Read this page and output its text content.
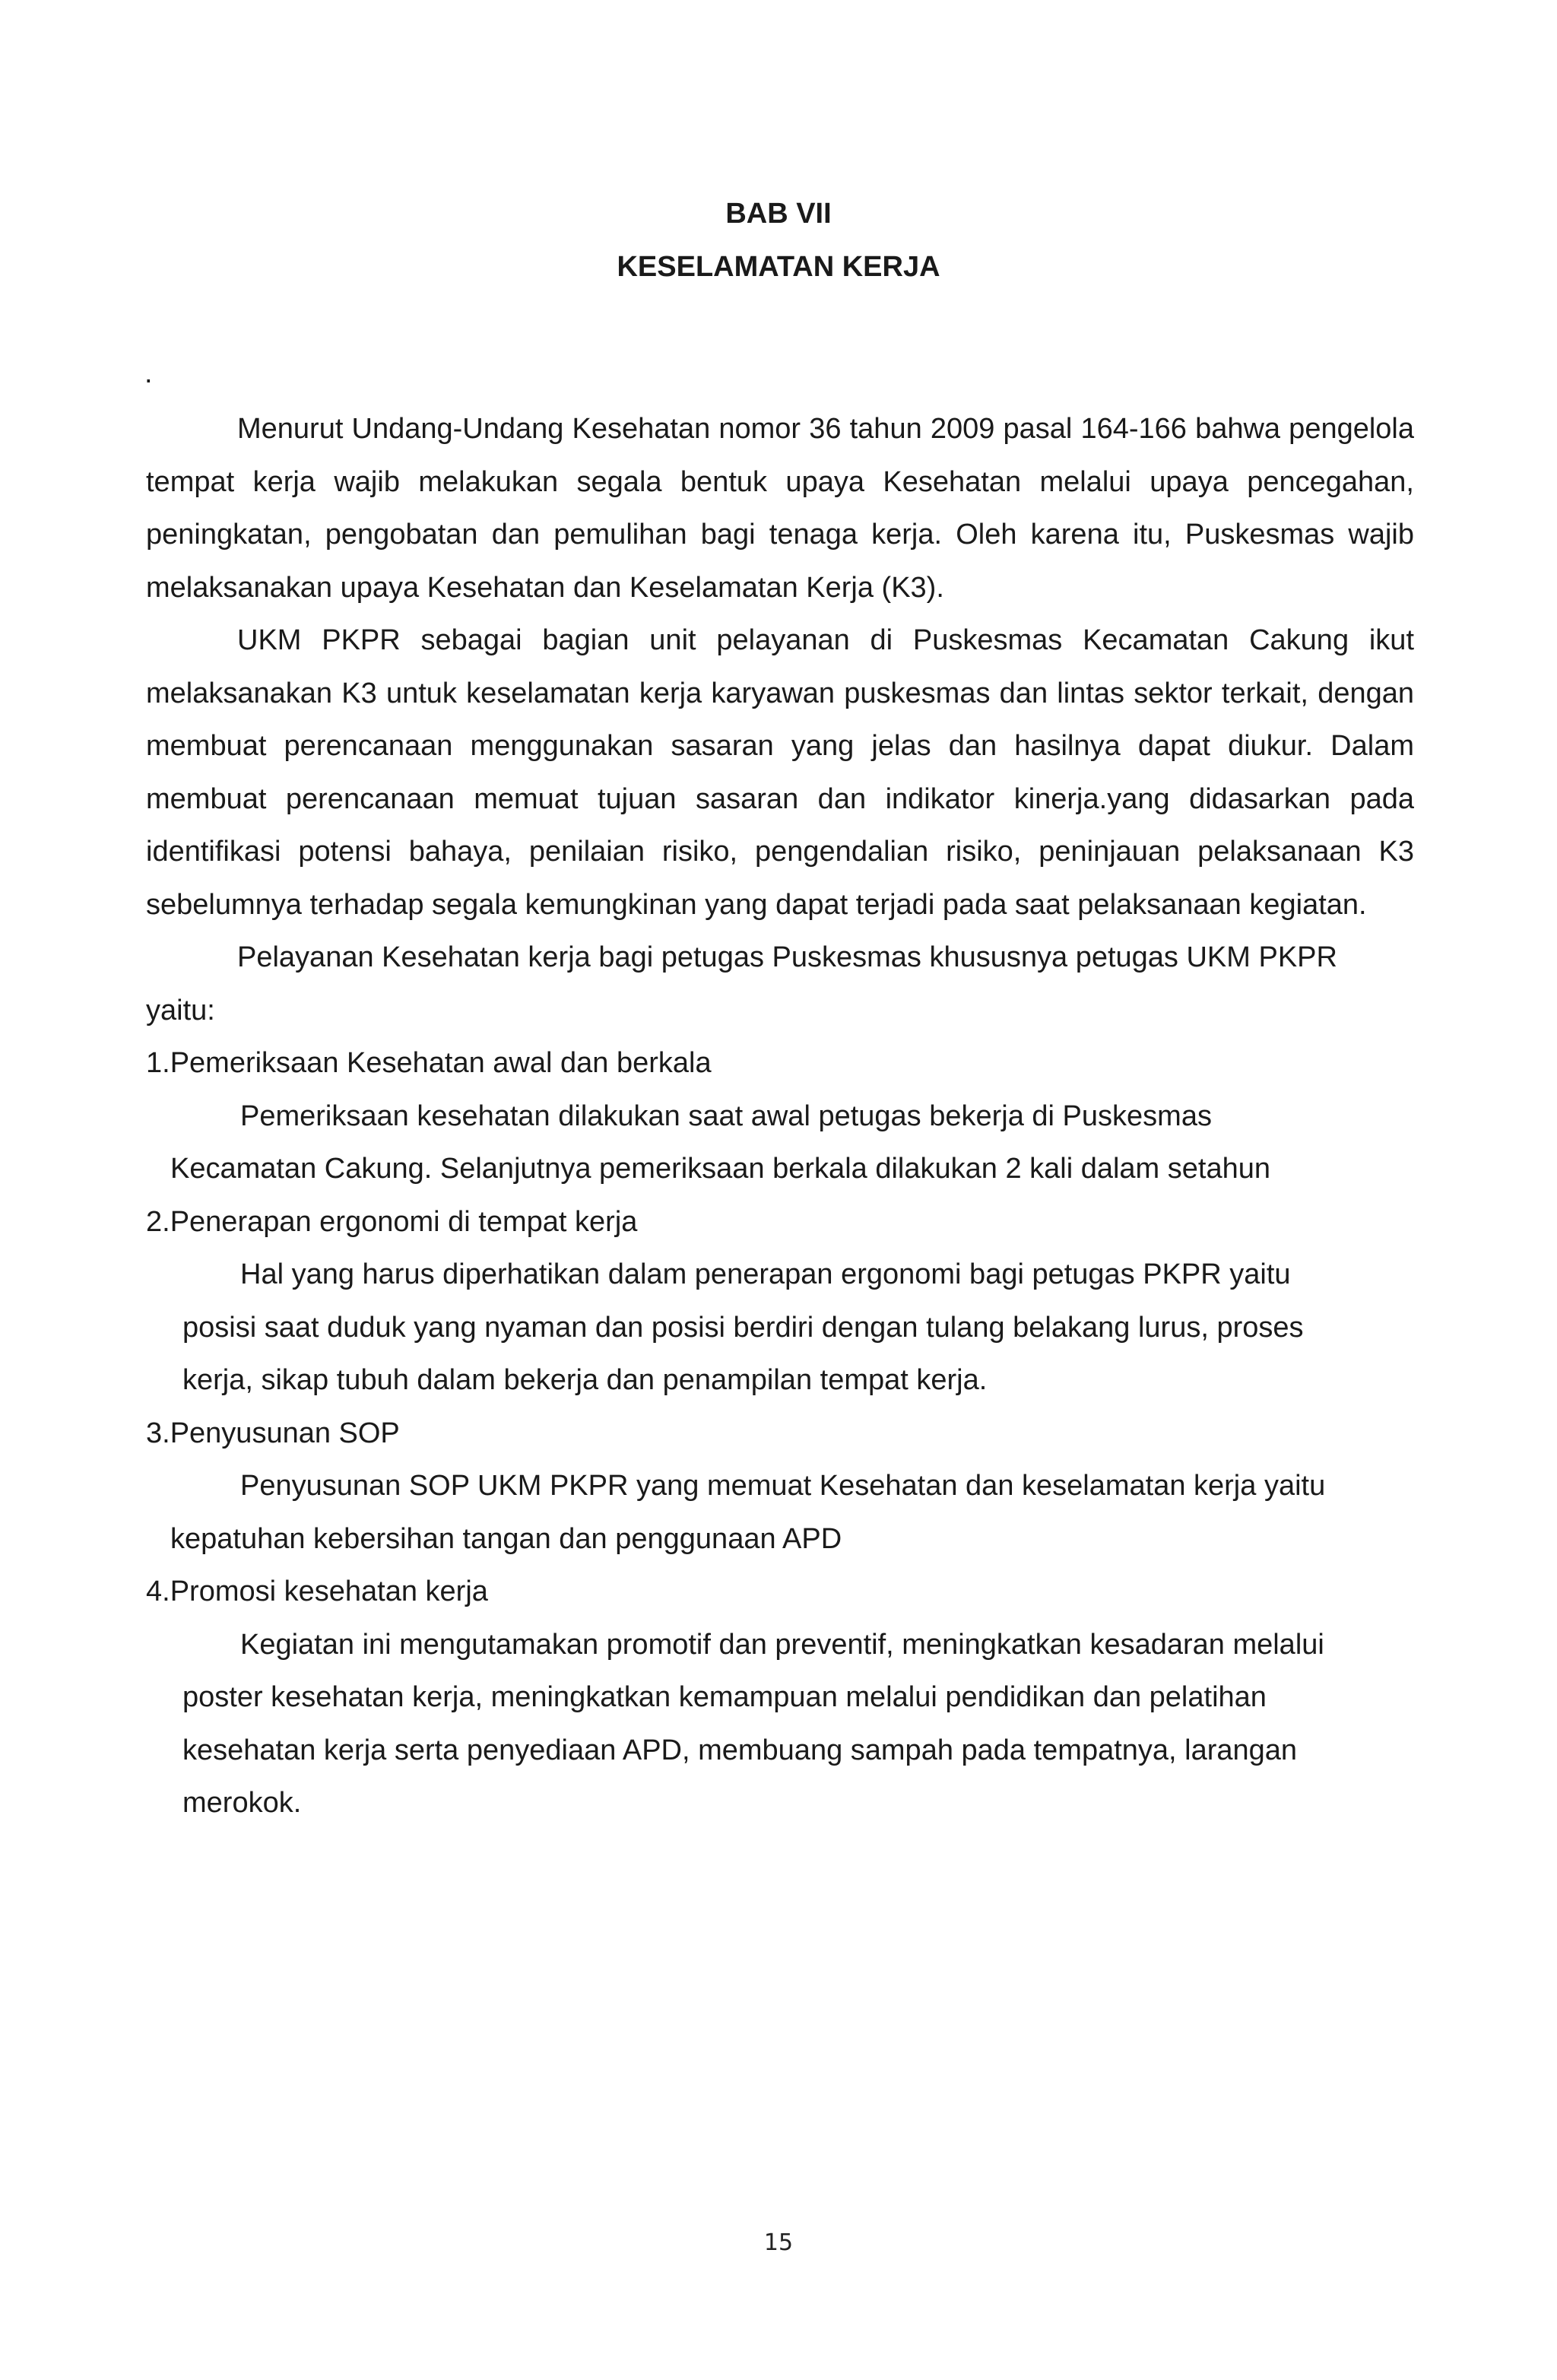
BAB VII
KESELAMATAN KERJA
.

Menurut Undang-Undang Kesehatan nomor 36 tahun 2009 pasal 164-166 bahwa pengelola tempat kerja wajib melakukan segala bentuk upaya Kesehatan melalui upaya pencegahan, peningkatan, pengobatan dan pemulihan bagi tenaga kerja. Oleh karena itu, Puskesmas wajib melaksanakan upaya Kesehatan dan Keselamatan Kerja (K3).

UKM PKPR sebagai bagian unit pelayanan di Puskesmas Kecamatan Cakung ikut melaksanakan K3 untuk keselamatan kerja karyawan puskesmas dan lintas sektor terkait, dengan membuat perencanaan menggunakan sasaran yang jelas dan hasilnya dapat diukur. Dalam membuat perencanaan memuat tujuan sasaran dan indikator kinerja.yang didasarkan pada identifikasi potensi bahaya, penilaian risiko, pengendalian risiko, peninjauan pelaksanaan K3 sebelumnya terhadap segala kemungkinan yang dapat terjadi pada saat pelaksanaan kegiatan.

Pelayanan Kesehatan kerja bagi petugas Puskesmas khususnya petugas UKM PKPR yaitu:

1.Pemeriksaan Kesehatan awal dan berkala

Pemeriksaan kesehatan dilakukan saat awal petugas bekerja di Puskesmas Kecamatan Cakung. Selanjutnya pemeriksaan berkala dilakukan 2 kali dalam setahun

2.Penerapan ergonomi di tempat kerja

Hal yang harus diperhatikan dalam penerapan ergonomi bagi petugas PKPR yaitu posisi saat duduk yang nyaman dan posisi berdiri dengan tulang belakang lurus, proses kerja, sikap tubuh dalam bekerja dan penampilan tempat kerja.

3.Penyusunan SOP

Penyusunan SOP UKM PKPR yang memuat Kesehatan dan keselamatan kerja yaitu kepatuhan kebersihan tangan dan penggunaan APD

4.Promosi kesehatan kerja

Kegiatan ini mengutamakan promotif dan preventif, meningkatkan kesadaran melalui poster kesehatan kerja, meningkatkan kemampuan melalui pendidikan dan pelatihan kesehatan kerja serta penyediaan APD, membuang sampah pada tempatnya, larangan merokok.

15
